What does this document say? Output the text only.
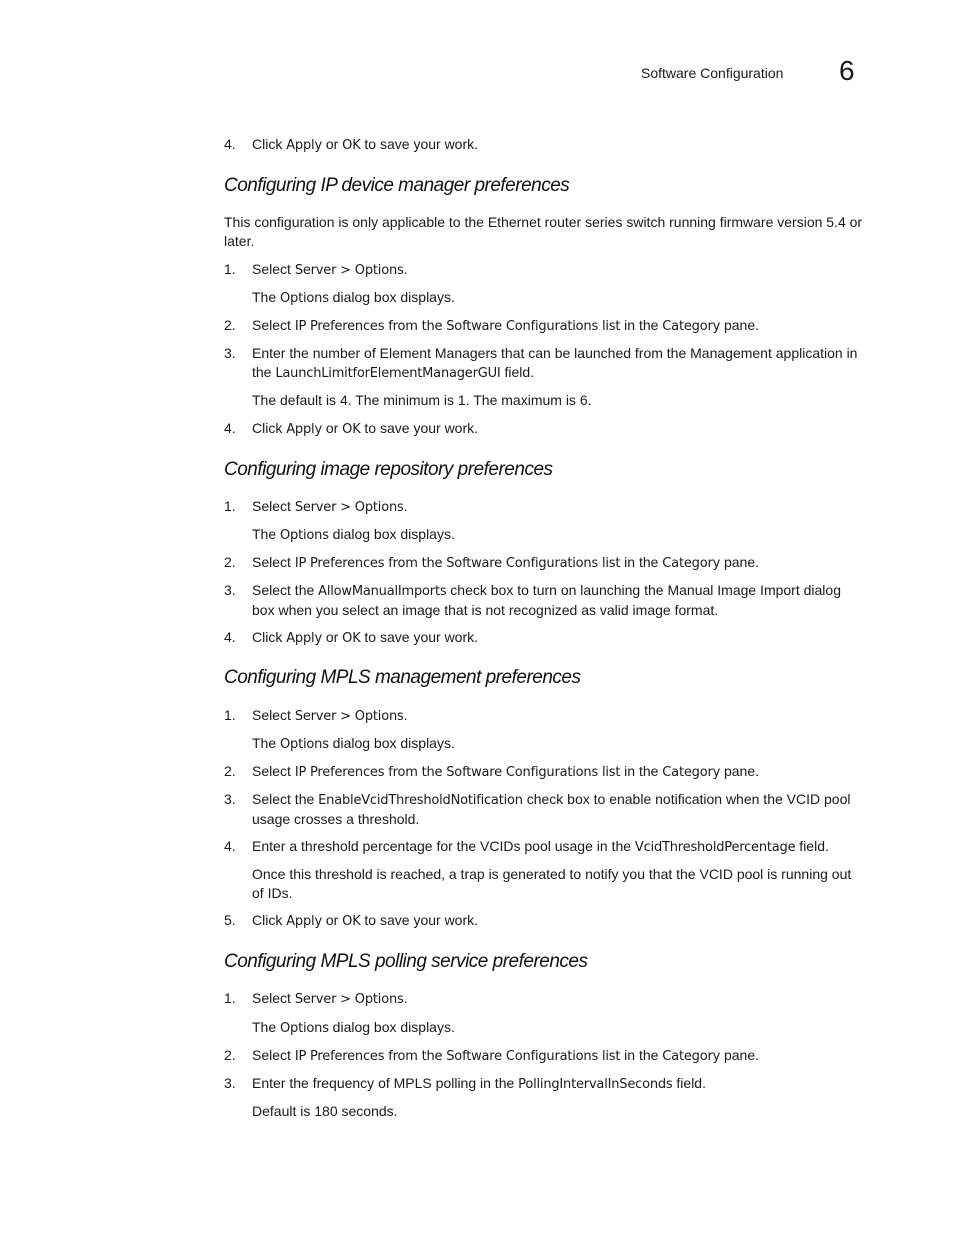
Software Configuration 6
4.	Click Apply or OK to save your work.
Configuring IP device manager preferences
This configuration is only applicable to the Ethernet router series switch running firmware version 5.4 or later.
1.	Select Server > Options.
The Options dialog box displays.
2.	Select IP Preferences from the Software Configurations list in the Category pane.
3.	Enter the number of Element Managers that can be launched from the Management application in the LaunchLimitforElementManagerGUI field.
The default is 4. The minimum is 1. The maximum is 6.
4.	Click Apply or OK to save your work.
Configuring image repository preferences
1.	Select Server > Options.
The Options dialog box displays.
2.	Select IP Preferences from the Software Configurations list in the Category pane.
3.	Select the AllowManualImports check box to turn on launching the Manual Image Import dialog box when you select an image that is not recognized as valid image format.
4.	Click Apply or OK to save your work.
Configuring MPLS management preferences
1.	Select Server > Options.
The Options dialog box displays.
2.	Select IP Preferences from the Software Configurations list in the Category pane.
3.	Select the EnableVcidThresholdNotification check box to enable notification when the VCID pool usage crosses a threshold.
4.	Enter a threshold percentage for the VCIDs pool usage in the VcidThresholdPercentage field.
Once this threshold is reached, a trap is generated to notify you that the VCID pool is running out of IDs.
5.	Click Apply or OK to save your work.
Configuring MPLS polling service preferences
1.	Select Server > Options.
The Options dialog box displays.
2.	Select IP Preferences from the Software Configurations list in the Category pane.
3.	Enter the frequency of MPLS polling in the PollingIntervalInSeconds field.
Default is 180 seconds.
